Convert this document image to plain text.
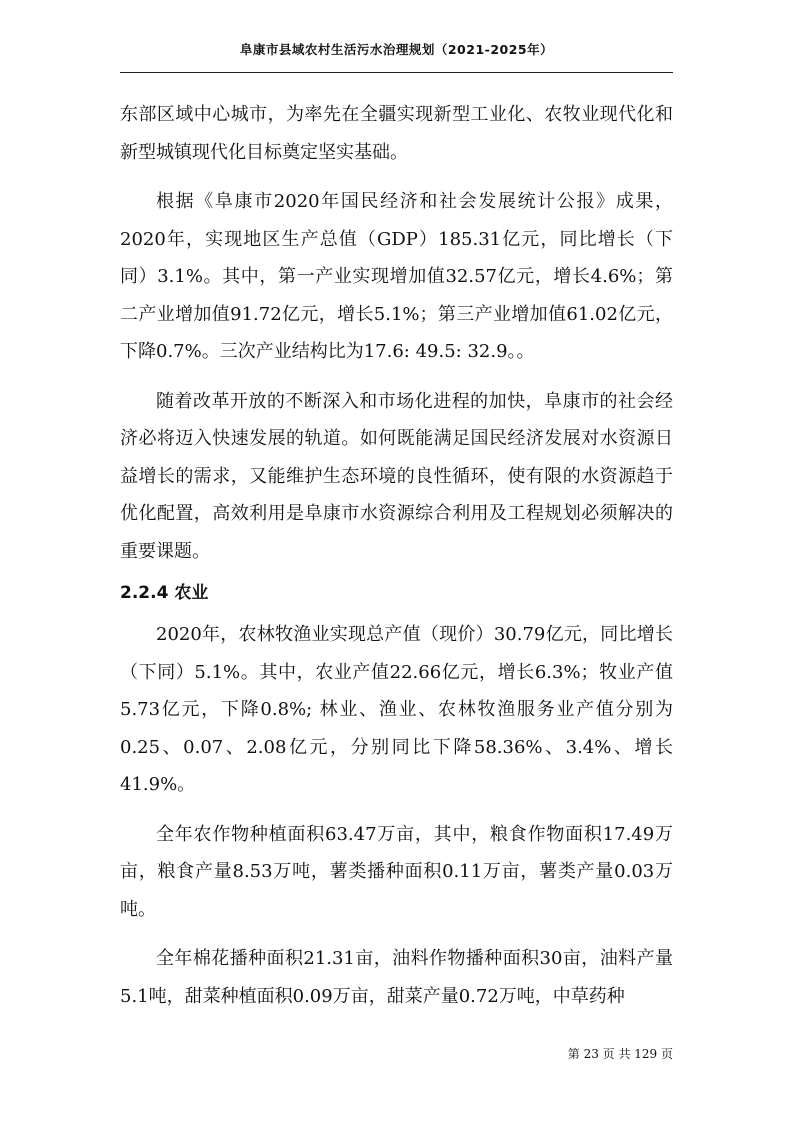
阜康市县域农村生活污水治理规划（2021-2025年）

东部区域中心城市，为率先在全疆实现新型工业化、农牧业现代化和新型城镇现代化目标奠定坚实基础。

根据《阜康市2020年国民经济和社会发展统计公报》成果，2020年，实现地区生产总值（GDP）185.31亿元，同比增长（下同）3.1%。其中，第一产业实现增加值32.57亿元，增长4.6%；第二产业增加值91.72亿元，增长5.1%；第三产业增加值61.02亿元，下降0.7%。三次产业结构比为17.6: 49.5: 32.9。。

随着改革开放的不断深入和市场化进程的加快，阜康市的社会经济必将迈入快速发展的轨道。如何既能满足国民经济发展对水资源日益增长的需求，又能维护生态环境的良性循环，使有限的水资源趋于优化配置，高效利用是阜康市水资源综合利用及工程规划必须解决的重要课题。

2.2.4 农业

2020年，农林牧渔业实现总产值（现价）30.79亿元，同比增长（下同）5.1%。其中，农业产值22.66亿元，增长6.3%；牧业产值5.73亿元，下降0.8%; 林业、渔业、农林牧渔服务业产值分别为0.25、0.07、2.08亿元，分别同比下降58.36%、3.4%、增长41.9%。

全年农作物种植面积63.47万亩，其中，粮食作物面积17.49万亩，粮食产量8.53万吨，薯类播种面积0.11万亩，薯类产量0.03万吨。

全年棉花播种面积21.31亩，油料作物播种面积30亩，油料产量5.1吨，甜菜种植面积0.09万亩，甜菜产量0.72万吨，中草药种

第 23 页 共 129 页
